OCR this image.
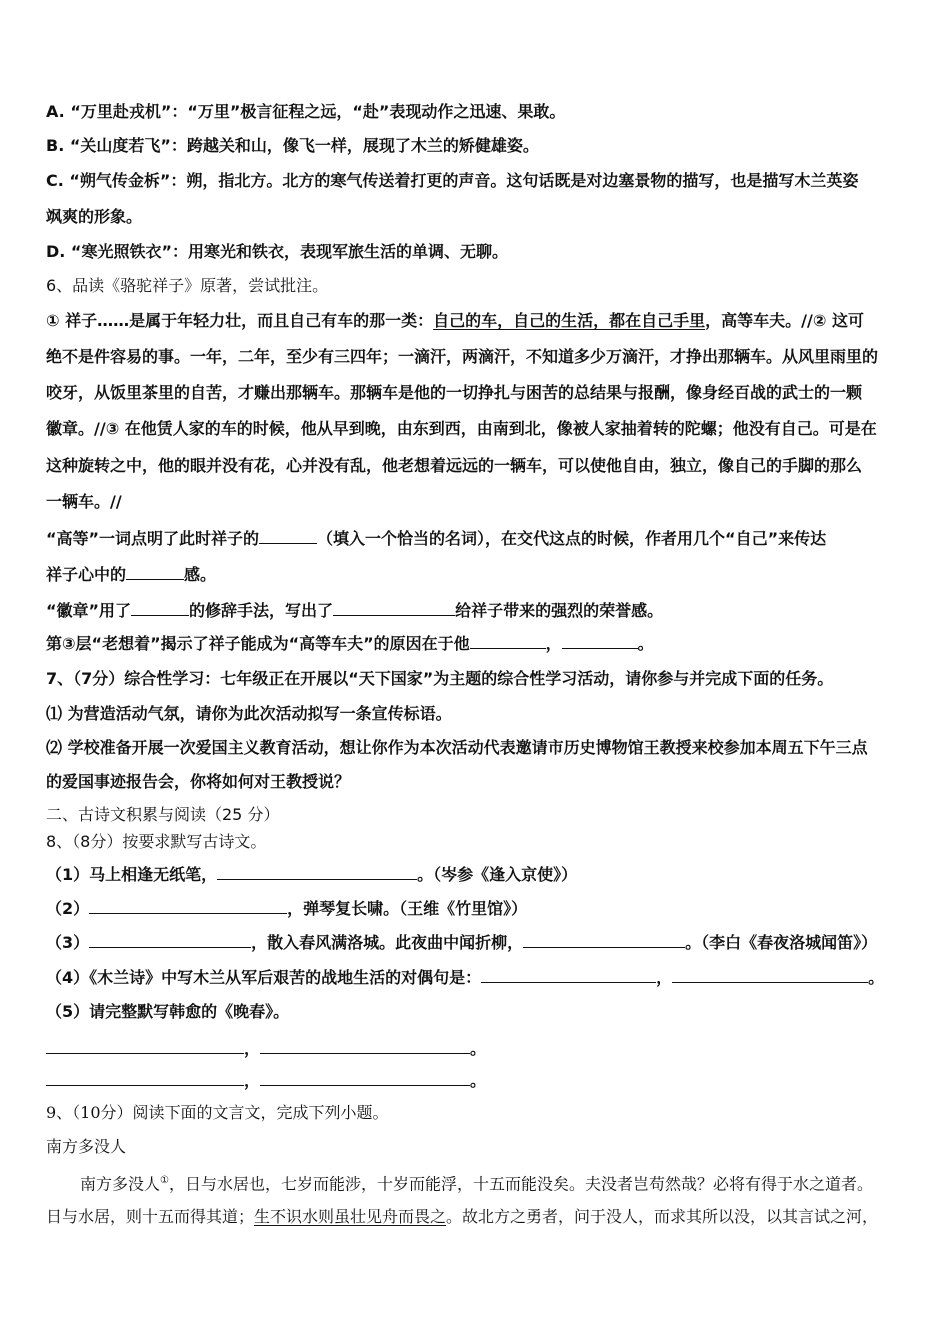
A. “万里赴戎机”：“万里”极言征程之远，“赴”表现动作之迅速、果敢。
B. “关山度若飞”：跨越关和山，像飞一样，展现了木兰的矫健雄姿。
C. “朔气传金柝”：朔，指北方。北方的寒气传送着打更的声音。这句话既是对边塞景物的描写，也是描写木兰英姿
飒爽的形象。
D. “寒光照铁衣”：用寒光和铁衣，表现军旅生活的单调、无聊。
6、品读《骆驼祥子》原著，尝试批注。
① 祥子……是属于年轻力壮，而且自己有车的那一类：自己的车，自己的生活，都在自己手里，高等车夫。//② 这可
绝不是件容易的事。一年，二年，至少有三四年；一滴汗，两滴汗，不知道多少万滴汗，才挣出那辆车。从风里雨里的
咬牙，从饭里茶里的自苦，才赚出那辆车。那辆车是他的一切挣扎与困苦的总结果与报酬，像身经百战的武士的一颗
徽章。//③ 在他赁人家的车的时候，他从早到晚，由东到西，由南到北，像被人家抽着转的陀螺；他没有自己。可是在
这种旋转之中，他的眼并没有花，心并没有乱，他老想着远远的一辆车，可以使他自由，独立，像自己的手脚的那么
一辆车。//
“高等”一词点明了此时祥子的	（填入一个恰当的名词），在交代这点的时候，作者用几个“自己”来传达
祥子心中的	感。
“徽章”用了	的修辞手法，写出了	给祥子带来的强烈的荣誉感。
第③层“老想着”揭示了祥子能成为“高等车夫”的原因在于他	，	。
7、（7分）综合性学习：七年级正在开展以“天下国家”为主题的综合性学习活动，请你参与并完成下面的任务。
⑴ 为营造活动气氛，请你为此次活动拟写一条宣传标语。
⑵ 学校准备开展一次爱国主义教育活动，想让你作为本次活动代表邀请市历史博物馆王教授来校参加本周五下午三点
的爱国事迹报告会，你将如何对王教授说？
二、古诗文积累与阅读（25 分）
8、（8分）按要求默写古诗文。
（1）马上相逢无纸笔，	。（岑参《逢入京使》）
（2）	，弹琴复长啸。（王维《竹里馆》）
（3）	，散入春风满洛城。此夜曲中闻折柳，	。（李白《春夜洛城闻笛》）
（4）《木兰诗》中写木兰从军后艰苦的战地生活的对偶句是：	，	。
（5）请完整默写韩愈的《晚春》。
，	。
，	。
9、（10分）阅读下面的文言文，完成下列小题。
南方多没人
南方多没人①，日与水居也，七岁而能涉，十岁而能浮，十五而能没矣。夫没者岂苟然哉？必将有得于水之道者。
日与水居，则十五而得其道；生不识水则虽壮见舟而畏之。故北方之勇者，问于没人，而求其所以没，以其言试之河，
